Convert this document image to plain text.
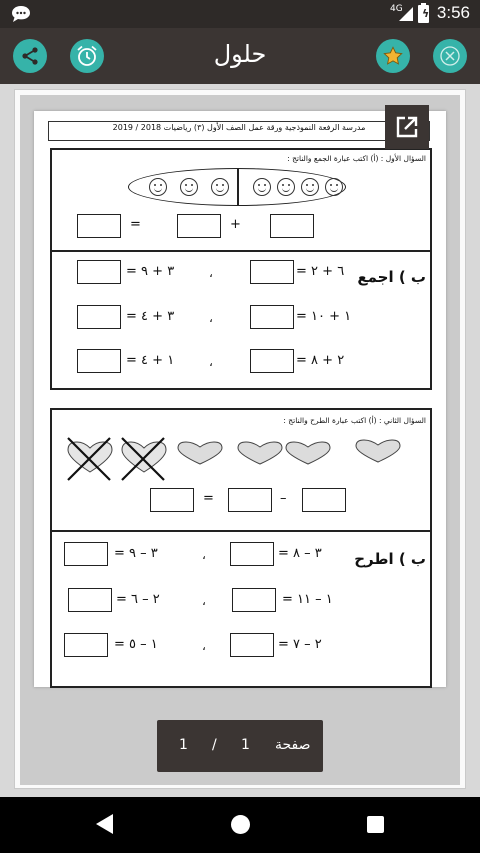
4G ϟ 3:56
حلول
مدرسة الرفعة النموذجية ورقة عمل الصف الأول (٣) رياضيات 2018 / 2019
السؤال الأول : (أ) اكتب عبارة الجمع والناتج :
=	+
ب ) اجمع
= ٣ + ٩	،	= ٦ + ٢
= ٣ + ٤	،	= ١ + ١٠
= ١ + ٤	،	= ٢ + ٨
السؤال الثاني : (أ) اكتب عبارة الطرح والناتج :
=	–
ب ) اطرح
= ٣ – ٩	،	= ٣ – ٨
= ٢ – ٦	،	= ١ – ١١
= ١ – ٥	،	= ٢ – ٧
1 / 1 صفحة
